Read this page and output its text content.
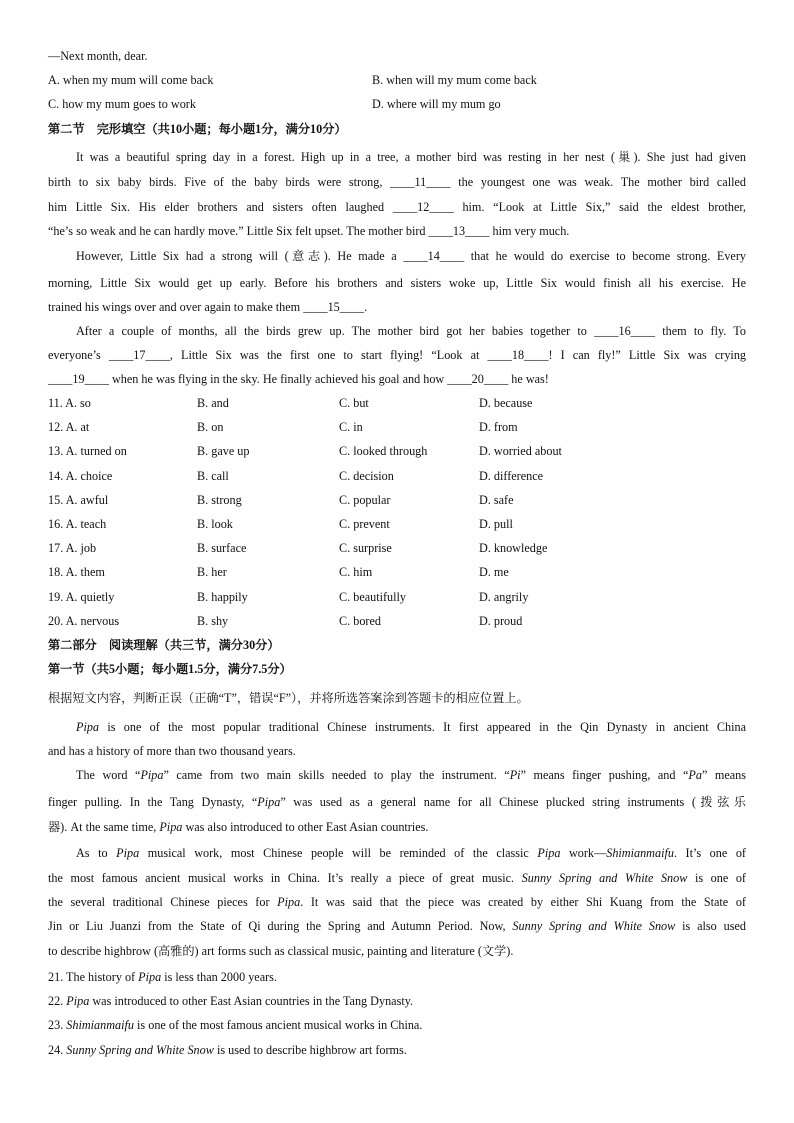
—Next month, dear.
A. when my mum will come back	B. when will my mum come back
C. how my mum goes to work	D. where will my mum go
第二节　完形填空（共10小题；每小题1分，满分10分）
It was a beautiful spring day in a forest. High up in a tree, a mother bird was resting in her nest (巢). She just had given
birth to six baby birds. Five of the baby birds were strong, ____11____ the youngest one was weak. The mother bird called
him Little Six. His elder brothers and sisters often laughed ____12____ him. “Look at Little Six,” said the eldest brother,
“he’s so weak and he can hardly move.” Little Six felt upset. The mother bird ____13____ him very much.
However, Little Six had a strong will (意志). He made a ____14____ that he would do exercise to become strong. Every
morning, Little Six would get up early. Before his brothers and sisters woke up, Little Six would finish all his exercise. He
trained his wings over and over again to make them ____15____.
After a couple of months, all the birds grew up. The mother bird got her babies together to ____16____ them to fly. To
everyone’s ____17____, Little Six was the first one to start flying! “Look at ____18____! I can fly!” Little Six was crying
____19____ when he was flying in the sky. He finally achieved his goal and how ____20____ he was!
11. A. so	B. and	C. but	D. because
12. A. at	B. on	C. in	D. from
13. A. turned on	B. gave up	C. looked through	D. worried about
14. A. choice	B. call	C. decision	D. difference
15. A. awful	B. strong	C. popular	D. safe
16. A. teach	B. look	C. prevent	D. pull
17. A. job	B. surface	C. surprise	D. knowledge
18. A. them	B. her	C. him	D. me
19. A. quietly	B. happily	C. beautifully	D. angrily
20. A. nervous	B. shy	C. bored	D. proud
第二部分　阅读理解（共三节，满分30分）
第一节（共5小题；每小题1.5分，满分7.5分）
根据短文内容，判断正误（正确“T”，错误“F”），并将所选答案涂到答题卡的相应位置上。
Pipa is one of the most popular traditional Chinese instruments. It first appeared in the Qin Dynasty in ancient China
and has a history of more than two thousand years.
The word “Pipa” came from two main skills needed to play the instrument. “Pi” means finger pushing, and “Pa” means
finger pulling. In the Tang Dynasty, “Pipa” was used as a general name for all Chinese plucked string instruments (拨弦乐
器). At the same time, Pipa was also introduced to other East Asian countries.
As to Pipa musical work, most Chinese people will be reminded of the classic Pipa work—Shimianmaifu. It’s one of
the most famous ancient musical works in China. It’s really a piece of great music. Sunny Spring and White Snow is one of
the several traditional Chinese pieces for Pipa. It was said that the piece was created by either Shi Kuang from the State of
Jin or Liu Juanzi from the State of Qi during the Spring and Autumn Period. Now, Sunny Spring and White Snow is also used
to describe highbrow (高雅的) art forms such as classical music, painting and literature (文学).
21. The history of Pipa is less than 2000 years.
22. Pipa was introduced to other East Asian countries in the Tang Dynasty.
23. Shimianmaifu is one of the most famous ancient musical works in China.
24. Sunny Spring and White Snow is used to describe highbrow art forms.
